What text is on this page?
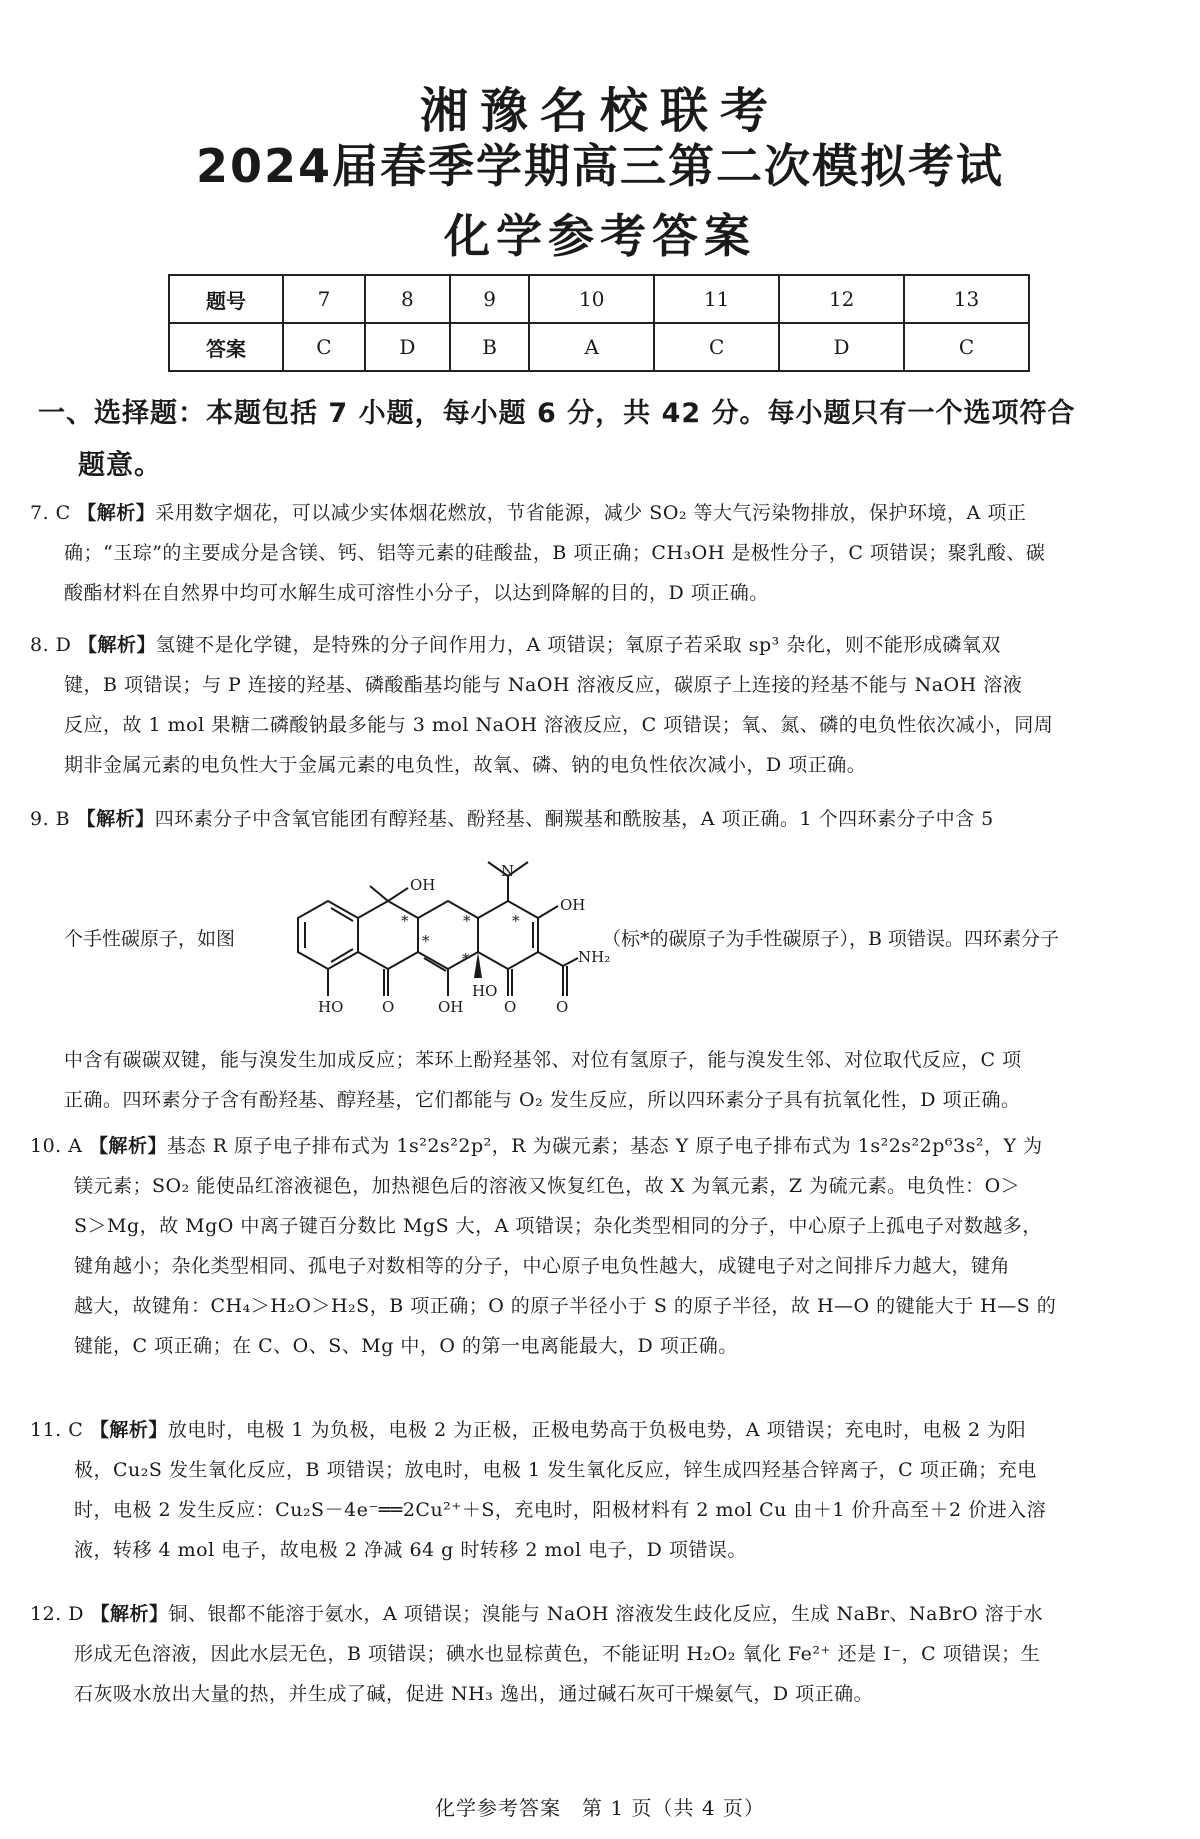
湘豫名校联考
2024届春季学期高三第二次模拟考试
化学参考答案
题号	7	8	9	10	11	12	13
答案	C	D	B	A	C	D	C
一、选择题：本题包括 7 小题，每小题 6 分，共 42 分。每小题只有一个选项符合
题意。
7. C 【解析】采用数字烟花，可以减少实体烟花燃放，节省能源，减少 SO₂ 等大气污染物排放，保护环境，A 项正
确；“玉琮”的主要成分是含镁、钙、铝等元素的硅酸盐，B 项正确；CH₃OH 是极性分子，C 项错误；聚乳酸、碳
酸酯材料在自然界中均可水解生成可溶性小分子，以达到降解的目的，D 项正确。
8. D 【解析】氢键不是化学键，是特殊的分子间作用力，A 项错误；氧原子若采取 sp³ 杂化，则不能形成磷氧双
键，B 项错误；与 P 连接的羟基、磷酸酯基均能与 NaOH 溶液反应，碳原子上连接的羟基不能与 NaOH 溶液
反应，故 1 mol 果糖二磷酸钠最多能与 3 mol NaOH 溶液反应，C 项错误；氧、氮、磷的电负性依次减小，同周
期非金属元素的电负性大于金属元素的电负性，故氧、磷、钠的电负性依次减小，D 项正确。
9. B 【解析】四环素分子中含氧官能团有醇羟基、酚羟基、酮羰基和酰胺基，A 项正确。1 个四环素分子中含 5
个手性碳原子，如图
OH
N
OH
NH₂
HO	O	OH
HO
O	O
*
*
*	*
*
（标*的碳原子为手性碳原子），B 项错误。四环素分子
中含有碳碳双键，能与溴发生加成反应；苯环上酚羟基邻、对位有氢原子，能与溴发生邻、对位取代反应，C 项
正确。四环素分子含有酚羟基、醇羟基，它们都能与 O₂ 发生反应，所以四环素分子具有抗氧化性，D 项正确。
10. A 【解析】基态 R 原子电子排布式为 1s²2s²2p²，R 为碳元素；基态 Y 原子电子排布式为 1s²2s²2p⁶3s²，Y 为
镁元素；SO₂ 能使品红溶液褪色，加热褪色后的溶液又恢复红色，故 X 为氧元素，Z 为硫元素。电负性：O＞
S＞Mg，故 MgO 中离子键百分数比 MgS 大，A 项错误；杂化类型相同的分子，中心原子上孤电子对数越多，
键角越小；杂化类型相同、孤电子对数相等的分子，中心原子电负性越大，成键电子对之间排斥力越大，键角
越大，故键角：CH₄＞H₂O＞H₂S，B 项正确；O 的原子半径小于 S 的原子半径，故 H—O 的键能大于 H—S 的
键能，C 项正确；在 C、O、S、Mg 中，O 的第一电离能最大，D 项正确。
11. C 【解析】放电时，电极 1 为负极，电极 2 为正极，正极电势高于负极电势，A 项错误；充电时，电极 2 为阳
极，Cu₂S 发生氧化反应，B 项错误；放电时，电极 1 发生氧化反应，锌生成四羟基合锌离子，C 项正确；充电
时，电极 2 发生反应：Cu₂S－4e⁻══2Cu²⁺＋S，充电时，阳极材料有 2 mol Cu 由＋1 价升高至＋2 价进入溶
液，转移 4 mol 电子，故电极 2 净减 64 g 时转移 2 mol 电子，D 项错误。
12. D 【解析】铜、银都不能溶于氨水，A 项错误；溴能与 NaOH 溶液发生歧化反应，生成 NaBr、NaBrO 溶于水
形成无色溶液，因此水层无色，B 项错误；碘水也显棕黄色，不能证明 H₂O₂ 氧化 Fe²⁺ 还是 I⁻，C 项错误；生
石灰吸水放出大量的热，并生成了碱，促进 NH₃ 逸出，通过碱石灰可干燥氨气，D 项正确。
化学参考答案　第 1 页（共 4 页）
